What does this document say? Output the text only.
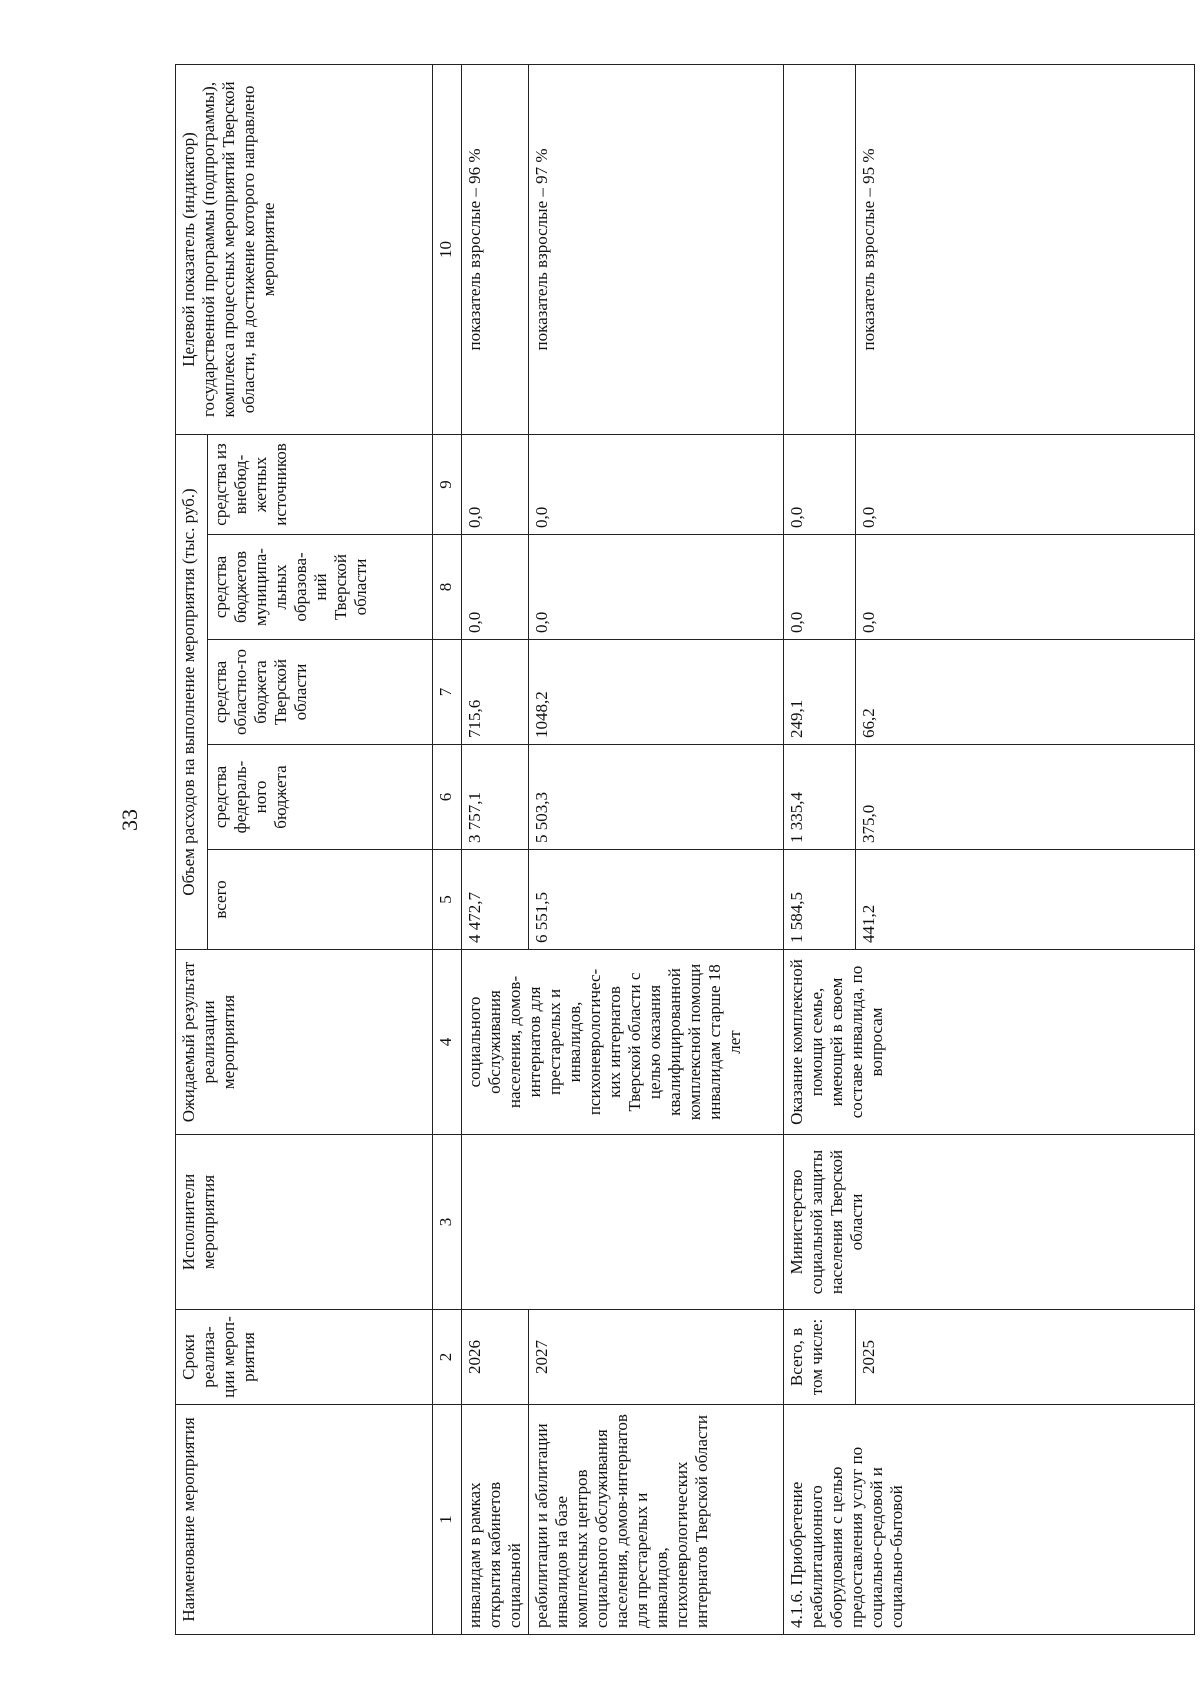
33
Наименование мероприятия	Сроки реализа-ции мероп-риятия	Исполнители мероприятия	Ожидаемый результат реализации мероприятия	Объем расходов на выполнение мероприятия (тыс. руб.)					Целевой показатель (индикатор) государственной программы (подпрограммы), комплекса процессных мероприятий Тверской области, на достижение которого направлено мероприятие
				всего	средства федераль-ного бюджета	средства областно-го бюджета Тверской области	средства бюджетов муниципа-льных образова-ний Тверской области	средства из внебюд-жетных источников	
1	2	3	4	5	6	7	8	9	10
инвалидам в рамках открытия кабинетов социальной	2026		социального обслуживания населения, домов-интернатов для престарелых и инвалидов, психоневрологичес-ких интернатов Тверской области с целью оказания квалифицированной комплексной помощи инвалидам старше 18 лет	4 472,7	3 757,1	715,6	0,0	0,0	показатель взрослые – 96 %
реабилитации и абилитации инвалидов на базе комплексных центров социального обслуживания населения, домов-интернатов для престарелых и инвалидов, психоневрологических интернатов Тверской области	2027			6 551,5	5 503,3	1048,2	0,0	0,0	показатель взрослые – 97 %
4.1.6. Приобретение реабилитационного оборудования с целью предоставления услуг по социально-средовой и социально-бытовой	Всего, в том числе:	Министерство социальной защиты населения Тверской области	Оказание комплексной помощи семье, имеющей в своем составе инвалида, по вопросам	1 584,5	1 335,4	249,1	0,0	0,0	
	2025			441,2	375,0	66,2	0,0	0,0	показатель взрослые – 95 %
